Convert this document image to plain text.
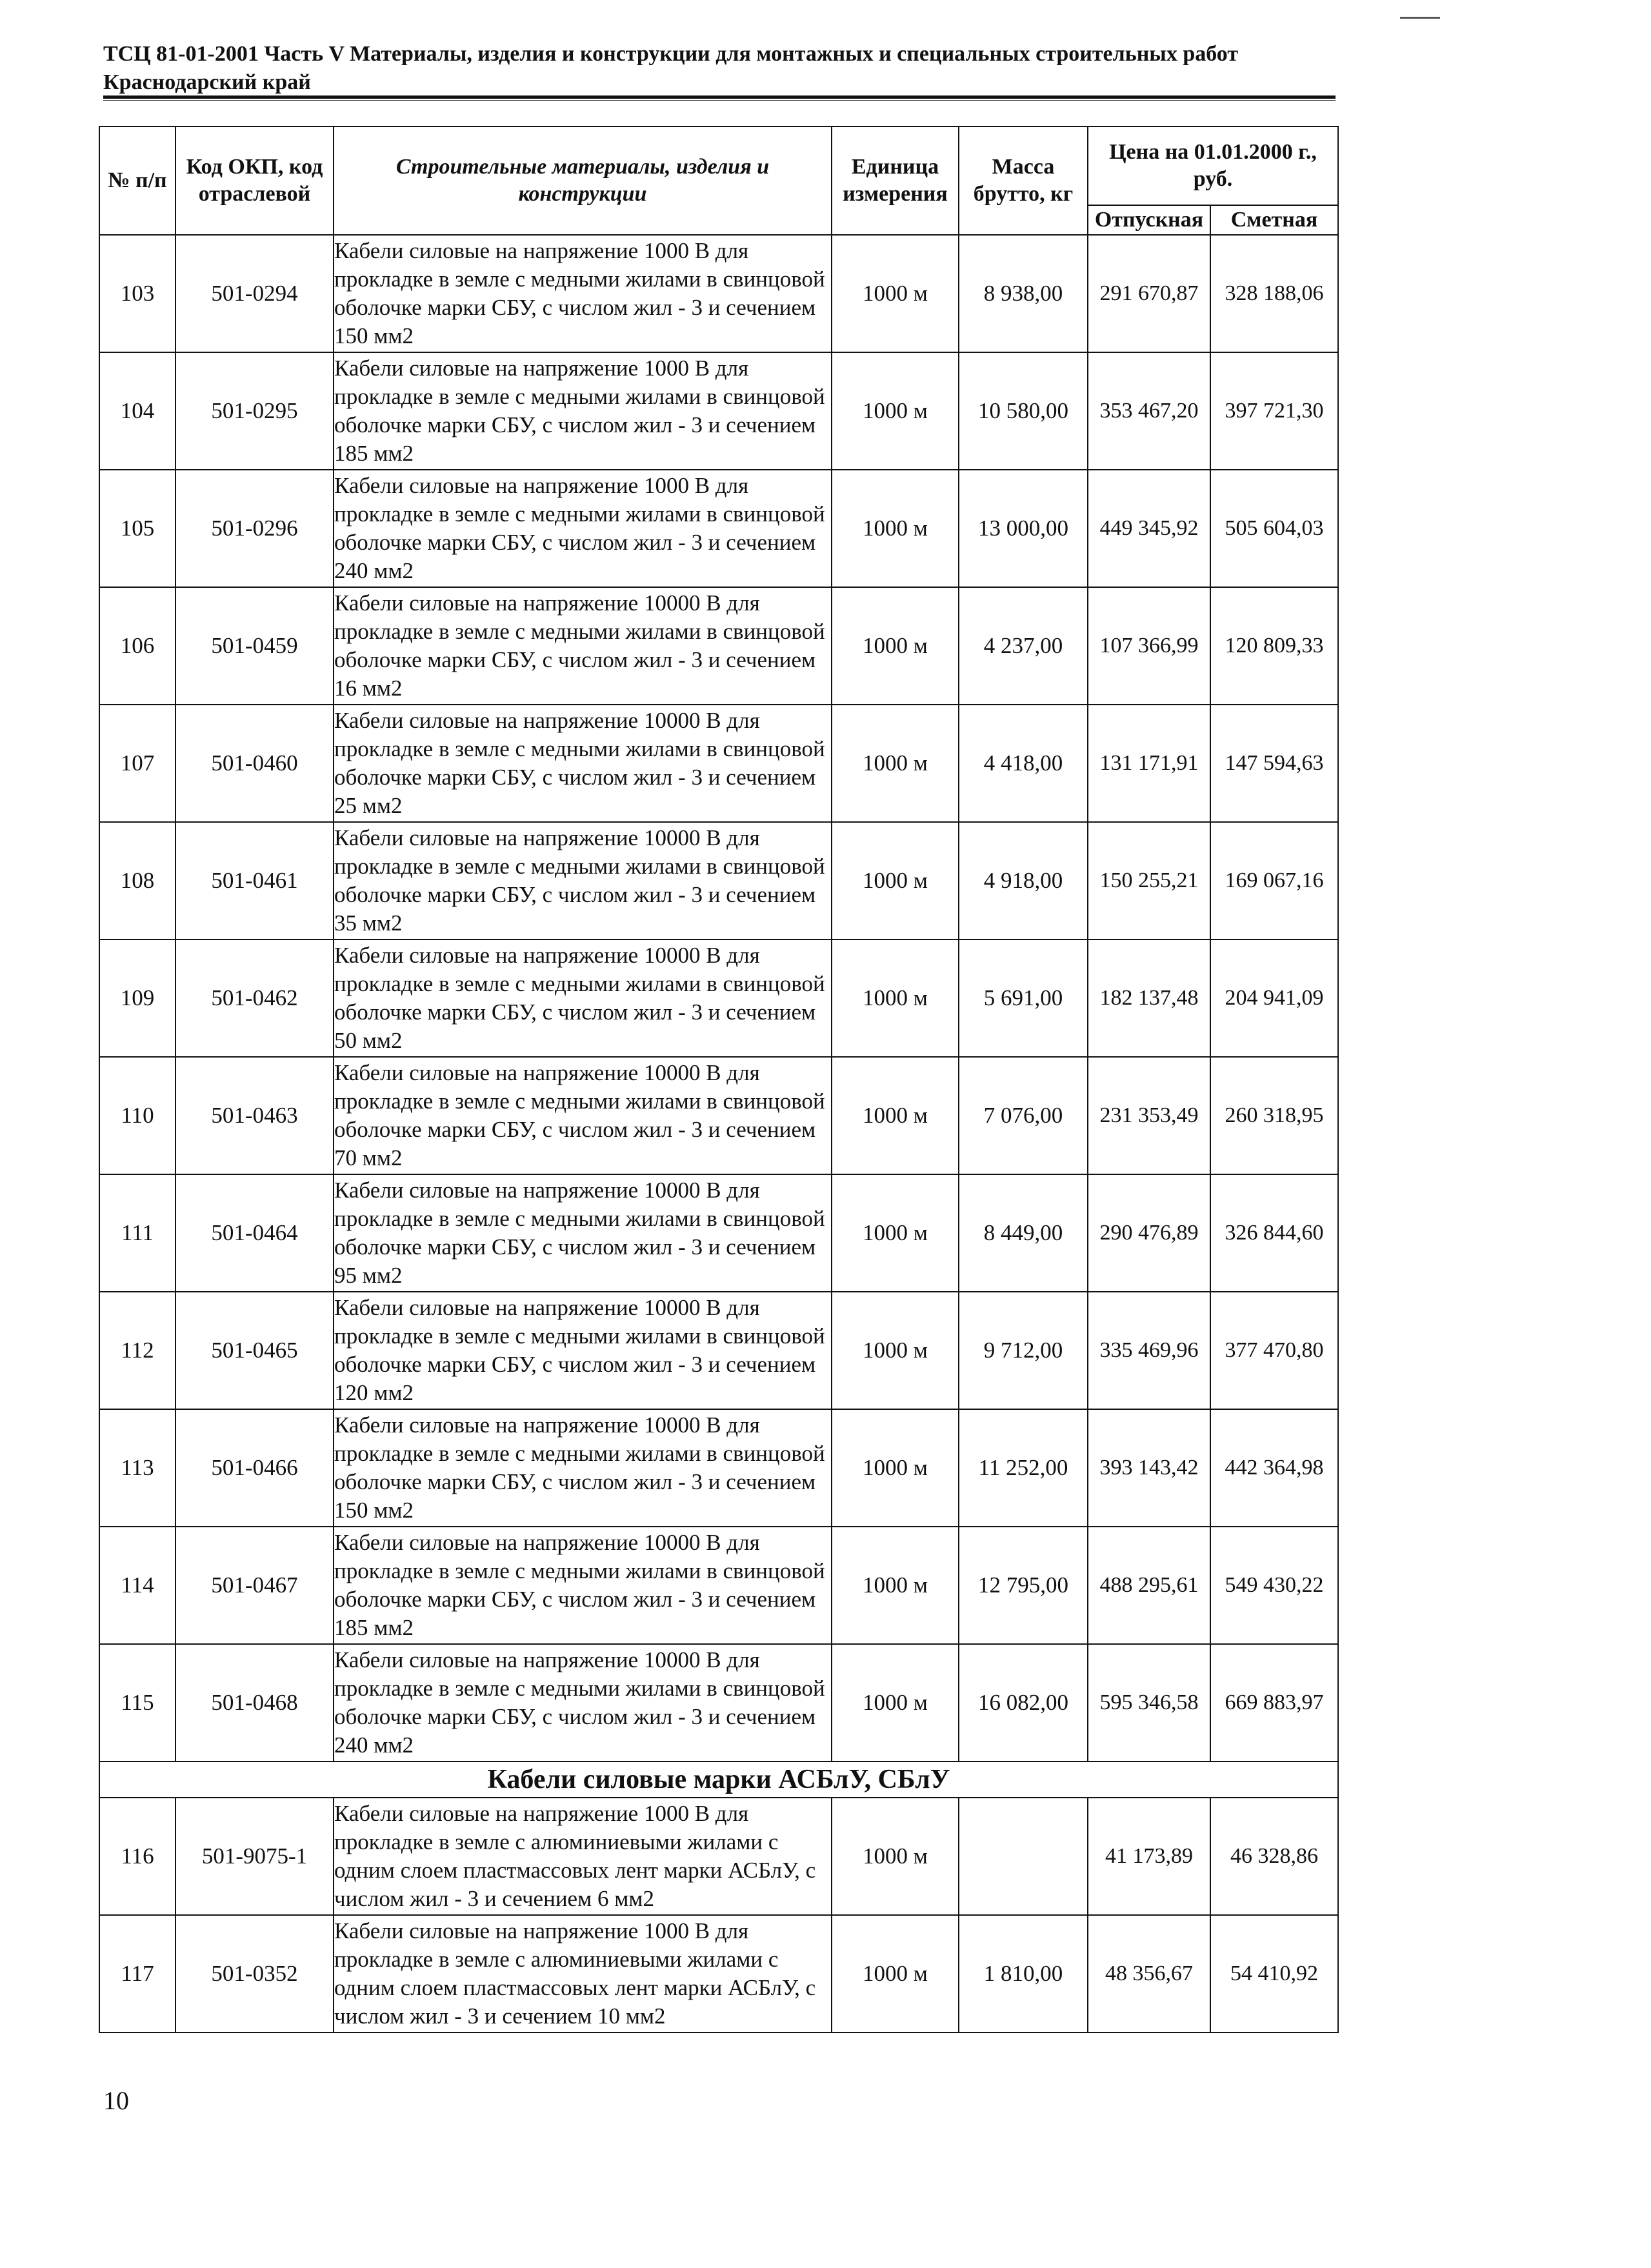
ТСЦ 81-01-2001 Часть V Материалы, изделия и конструкции для монтажных и специальных строительных работ
Краснодарский край
№ п/п	Код ОКП, код отраслевой	Строительные материалы, изделия и конструкции	Единица измерения	Масса брутто, кг	Цена на 01.01.2000 г., руб.	
					Отпускная	Сметная
103	501-0294	Кабели силовые на напряжение 1000 В для прокладке в земле с медными жилами в свинцовой оболочке марки СБУ, с числом жил - 3 и сечением 150 мм2	1000 м	8 938,00	291 670,87	328 188,06
104	501-0295	Кабели силовые на напряжение 1000 В для прокладке в земле с медными жилами в свинцовой оболочке марки СБУ, с числом жил - 3 и сечением 185 мм2	1000 м	10 580,00	353 467,20	397 721,30
105	501-0296	Кабели силовые на напряжение 1000 В для прокладке в земле с медными жилами в свинцовой оболочке марки СБУ, с числом жил - 3 и сечением 240 мм2	1000 м	13 000,00	449 345,92	505 604,03
106	501-0459	Кабели силовые на напряжение 10000 В для прокладке в земле с медными жилами в свинцовой оболочке марки СБУ, с числом жил - 3 и сечением 16 мм2	1000 м	4 237,00	107 366,99	120 809,33
107	501-0460	Кабели силовые на напряжение 10000 В для прокладке в земле с медными жилами в свинцовой оболочке марки СБУ, с числом жил - 3 и сечением 25 мм2	1000 м	4 418,00	131 171,91	147 594,63
108	501-0461	Кабели силовые на напряжение 10000 В для прокладке в земле с медными жилами в свинцовой оболочке марки СБУ, с числом жил - 3 и сечением 35 мм2	1000 м	4 918,00	150 255,21	169 067,16
109	501-0462	Кабели силовые на напряжение 10000 В для прокладке в земле с медными жилами в свинцовой оболочке марки СБУ, с числом жил - 3 и сечением 50 мм2	1000 м	5 691,00	182 137,48	204 941,09
110	501-0463	Кабели силовые на напряжение 10000 В для прокладке в земле с медными жилами в свинцовой оболочке марки СБУ, с числом жил - 3 и сечением 70 мм2	1000 м	7 076,00	231 353,49	260 318,95
111	501-0464	Кабели силовые на напряжение 10000 В для прокладке в земле с медными жилами в свинцовой оболочке марки СБУ, с числом жил - 3 и сечением 95 мм2	1000 м	8 449,00	290 476,89	326 844,60
112	501-0465	Кабели силовые на напряжение 10000 В для прокладке в земле с медными жилами в свинцовой оболочке марки СБУ, с числом жил - 3 и сечением 120 мм2	1000 м	9 712,00	335 469,96	377 470,80
113	501-0466	Кабели силовые на напряжение 10000 В для прокладке в земле с медными жилами в свинцовой оболочке марки СБУ, с числом жил - 3 и сечением 150 мм2	1000 м	11 252,00	393 143,42	442 364,98
114	501-0467	Кабели силовые на напряжение 10000 В для прокладке в земле с медными жилами в свинцовой оболочке марки СБУ, с числом жил - 3 и сечением 185 мм2	1000 м	12 795,00	488 295,61	549 430,22
115	501-0468	Кабели силовые на напряжение 10000 В для прокладке в земле с медными жилами в свинцовой оболочке марки СБУ, с числом жил - 3 и сечением 240 мм2	1000 м	16 082,00	595 346,58	669 883,97
Кабели силовые марки АСБлУ, СБлУ						
116	501-9075-1	Кабели силовые на напряжение 1000 В для прокладке в земле с алюминиевыми жилами с одним слоем пластмассовых лент марки АСБлУ, с числом жил - 3 и сечением 6 мм2	1000 м		41 173,89	46 328,86
117	501-0352	Кабели силовые на напряжение 1000 В для прокладке в земле с алюминиевыми жилами с одним слоем пластмассовых лент марки АСБлУ, с числом жил - 3 и сечением 10 мм2	1000 м	1 810,00	48 356,67	54 410,92
10
